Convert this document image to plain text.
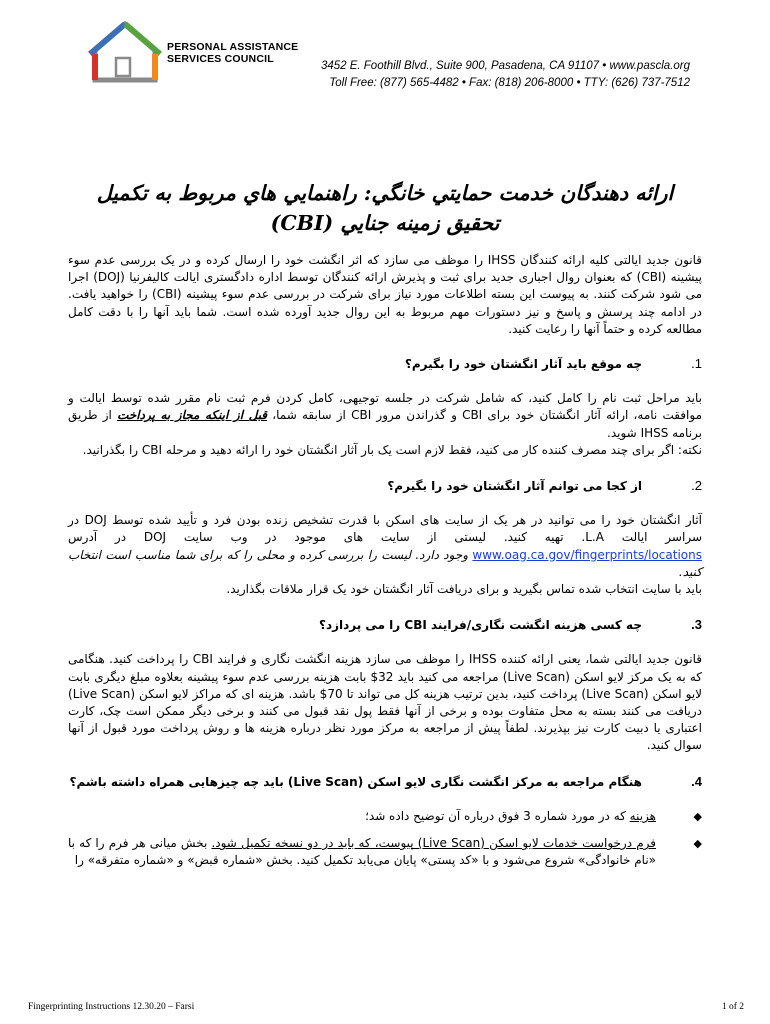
PERSONAL ASSISTANCE
SERVICES COUNCIL
3452 E. Foothill Blvd., Suite 900, Pasadena, CA 91107 • www.pascla.org
Toll Free: (877) 565-4482 • Fax: (818) 206-8000 • TTY: (626) 737-7512
ارائه دهندگان خدمت حمايتي خانگي: راهنمايي هاي مربوط به تكميل
تحقيق زمينه جنايي (CBI)

قانون جدید ایالتی کلیه ارائه کنندگان IHSS را موظف می سازد که اثر انگشت خود را ارسال کرده و در یک بررسی عدم سوء پیشینه (CBI) که بعنوان روال اجباری جدید برای ثبت و پذیرش ارائه کنندگان توسط اداره دادگستری ایالت کالیفرنیا (DOJ) اجرا می شود شرکت کنند. به پیوست این بسته اطلاعات مورد نیاز برای شرکت در بررسی عدم سوء پیشینه (CBI) را خواهید یافت. در ادامه چند پرسش و پاسخ و نیز دستورات مهم مربوط به این روال جدید آورده شده است. شما باید آنها را با دقت کامل مطالعه کرده و حتماً آنها را رعایت کنید.

1.
چه موقع باید آثار انگشتان خود را بگیرم؟

باید مراحل ثبت نام را کامل کنید، که شامل شرکت در جلسه توجیهی، کامل کردن فرم ثبت نام مقرر شده توسط ایالت و موافقت نامه، ارائه آثار انگشتان خود برای CBI و گذراندن مرور CBI از سابقه شما، قبل از اینکه مجاز به پرداخت از طریق برنامه IHSS شوید.

نکته: اگر برای چند مصرف کننده کار می کنید، فقط لازم است یک بار آثار انگشتان خود را ارائه دهید و مرحله CBI را بگذرانید.

2.
از کجا می توانم آثار انگشتان خود را بگیرم؟

آثار انگشتان خود را می توانید در هر یک از سایت های اسکن با قدرت تشخیص زنده بودن فرد و تأیید شده توسط DOJ در سراسر ایالت L.A. تهیه کنید. لیستی از سایت های موجود در وب سایت DOJ در آدرس www.oag.ca.gov/fingerprints/locations وجود دارد. لیست را بررسی کرده و محلی را که برای شما مناسب است انتخاب کنید.

باید با سایت انتخاب شده تماس بگیرید و برای دریافت آثار انگشتان خود یک قرار ملاقات بگذارید.

3.
چه کسی هزینه انگشت نگاری/فرایند CBI را می پردازد؟

قانون جدید ایالتی شما، یعنی ارائه کننده IHSS را موظف می سازد هزینه انگشت نگاری و فرایند CBI را پرداخت کنید. هنگامی که به یک مرکز لایو اسکن (Live Scan) مراجعه می کنید باید 32$ بابت هزینه بررسی عدم سوء پیشینه بعلاوه مبلغ دیگری بابت لایو اسکن (Live Scan) پرداخت کنید، بدین ترتیب هزینه کل می تواند تا 70$ باشد. هزینه ای که مراکز لایو اسکن (Live Scan) دریافت می کنند بسته به محل متفاوت بوده و برخی از آنها فقط پول نقد قبول می کنند و برخی دیگر ممکن است چک، کارت اعتباری یا دبیت کارت نیز بپذیرند. لطفاً پیش از مراجعه به مرکز مورد نظر درباره هزینه ها و روش پرداخت مورد قبول از آنها سوال کنید.

4.
هنگام مراجعه به مرکز انگشت نگاری لایو اسکن (Live Scan) باید چه چیزهایی همراه داشته باشم؟
◆
هزینه که در مورد شماره 3 فوق درباره آن توضیح داده شد؛
◆
فرم درخواست خدمات لایو اسکن (Live Scan) پیوست، که باید در دو نسخه تکمیل شود. بخش میانی هر فرم را که با «نام خانوادگی» شروع می‌شود و با «کد پستی» پایان می‌یابد تکمیل کنید. بخش «شماره قبض» و «شماره متفرقه» را
Fingerprinting Instructions 12.30.20 – Farsi	1 of 2
